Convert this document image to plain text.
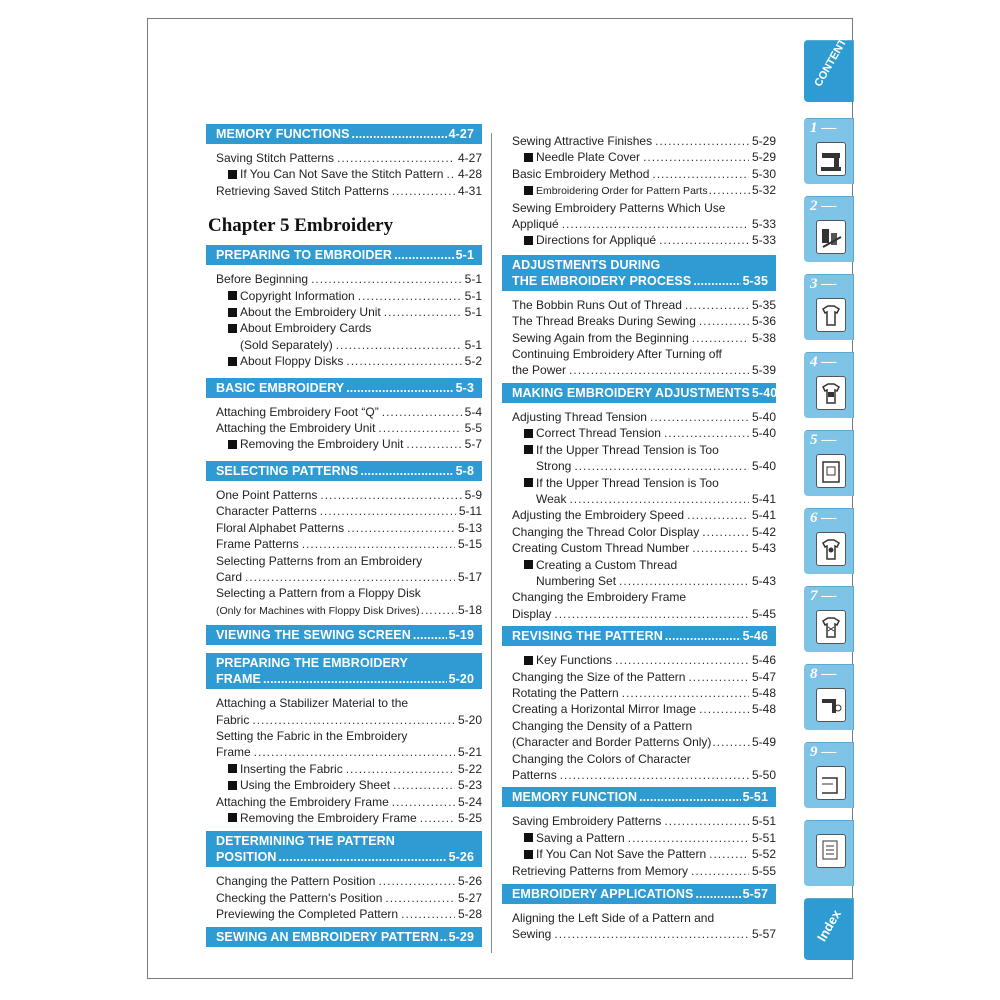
MEMORY FUNCTIONS .....	4-27
Saving Stitch Patterns .....	4-27
If You Can Not Save the Stitch Pattern ..... 4-28
Retrieving Saved Stitch Patterns .....	4-31
Chapter 5 Embroidery
PREPARING TO EMBROIDER .....	5-1
Before Beginning .....	5-1
Copyright Information .....	5-1
About the Embroidery Unit .....	5-1
About Embroidery Cards
(Sold Separately) .....	5-1
About Floppy Disks .....	5-2
BASIC EMBROIDERY .....	5-3
Attaching Embroidery Foot “Q” .....	5-4
Attaching the Embroidery Unit .....	5-5
Removing the Embroidery Unit .....	5-7
SELECTING PATTERNS .....	5-8
One Point Patterns .....	5-9
Character Patterns .....	5-11
Floral Alphabet Patterns .....	5-13
Frame Patterns .....	5-15
Selecting Patterns from an Embroidery
Card .....	5-17
Selecting a Pattern from a Floppy Disk
(Only for Machines with Floppy Disk Drives) .....	5-18
VIEWING THE SEWING SCREEN .....	5-19
PREPARING THE EMBROIDERY
FRAME .....	5-20
Attaching a Stabilizer Material to the
Fabric .....	5-20
Setting the Fabric in the Embroidery
Frame .....	5-21
Inserting the Fabric .....	5-22
Using the Embroidery Sheet .....	5-23
Attaching the Embroidery Frame .....	5-24
Removing the Embroidery Frame .....	5-25
DETERMINING THE PATTERN
POSITION .....	5-26
Changing the Pattern Position .....	5-26
Checking the Pattern's Position .....	5-27
Previewing the Completed Pattern .....	5-28
SEWING AN EMBROIDERY PATTERN ..... 5-29
Sewing Attractive Finishes .....	5-29
Needle Plate Cover .....	5-29
Basic Embroidery Method .....	5-30
Embroidering Order for Pattern Parts .....	5-32
Sewing Embroidery Patterns Which Use
Appliqué .....	5-33
Directions for Appliqué .....	5-33
ADJUSTMENTS DURING
THE EMBROIDERY PROCESS .....	5-35
The Bobbin Runs Out of Thread .....	5-35
The Thread Breaks During Sewing .....	5-36
Sewing Again from the Beginning .....	5-38
Continuing Embroidery After Turning off
the Power .....	5-39
MAKING EMBROIDERY ADJUSTMENTS 5-40
Adjusting Thread Tension .....	5-40
Correct Thread Tension .....	5-40
If the Upper Thread Tension is Too
Strong .....	5-40
If the Upper Thread Tension is Too
Weak .....	5-41
Adjusting the Embroidery Speed .....	5-41
Changing the Thread Color Display .....	5-42
Creating Custom Thread Number .....	5-43
Creating a Custom Thread
Numbering Set .....	5-43
Changing the Embroidery Frame
Display .....	5-45
REVISING THE PATTERN .....	5-46
Key Functions .....	5-46
Changing the Size of the Pattern .....	5-47
Rotating the Pattern .....	5-48
Creating a Horizontal Mirror Image .....	5-48
Changing the Density of a Pattern
(Character and Border Patterns Only) .....	5-49
Changing the Colors of Character
Patterns .....	5-50
MEMORY FUNCTION .....	5-51
Saving Embroidery Patterns .....	5-51
Saving a Pattern .....	5-51
If You Can Not Save the Pattern .....	5-52
Retrieving Patterns from Memory .....	5-55
EMBROIDERY APPLICATIONS .....	5-57
Aligning the Left Side of a Pattern and
Sewing .....	5-57
CONTENTS
1 —
2 —
3 —
4 —
5 —
6 —
7 —
8 —
9 —
Index
